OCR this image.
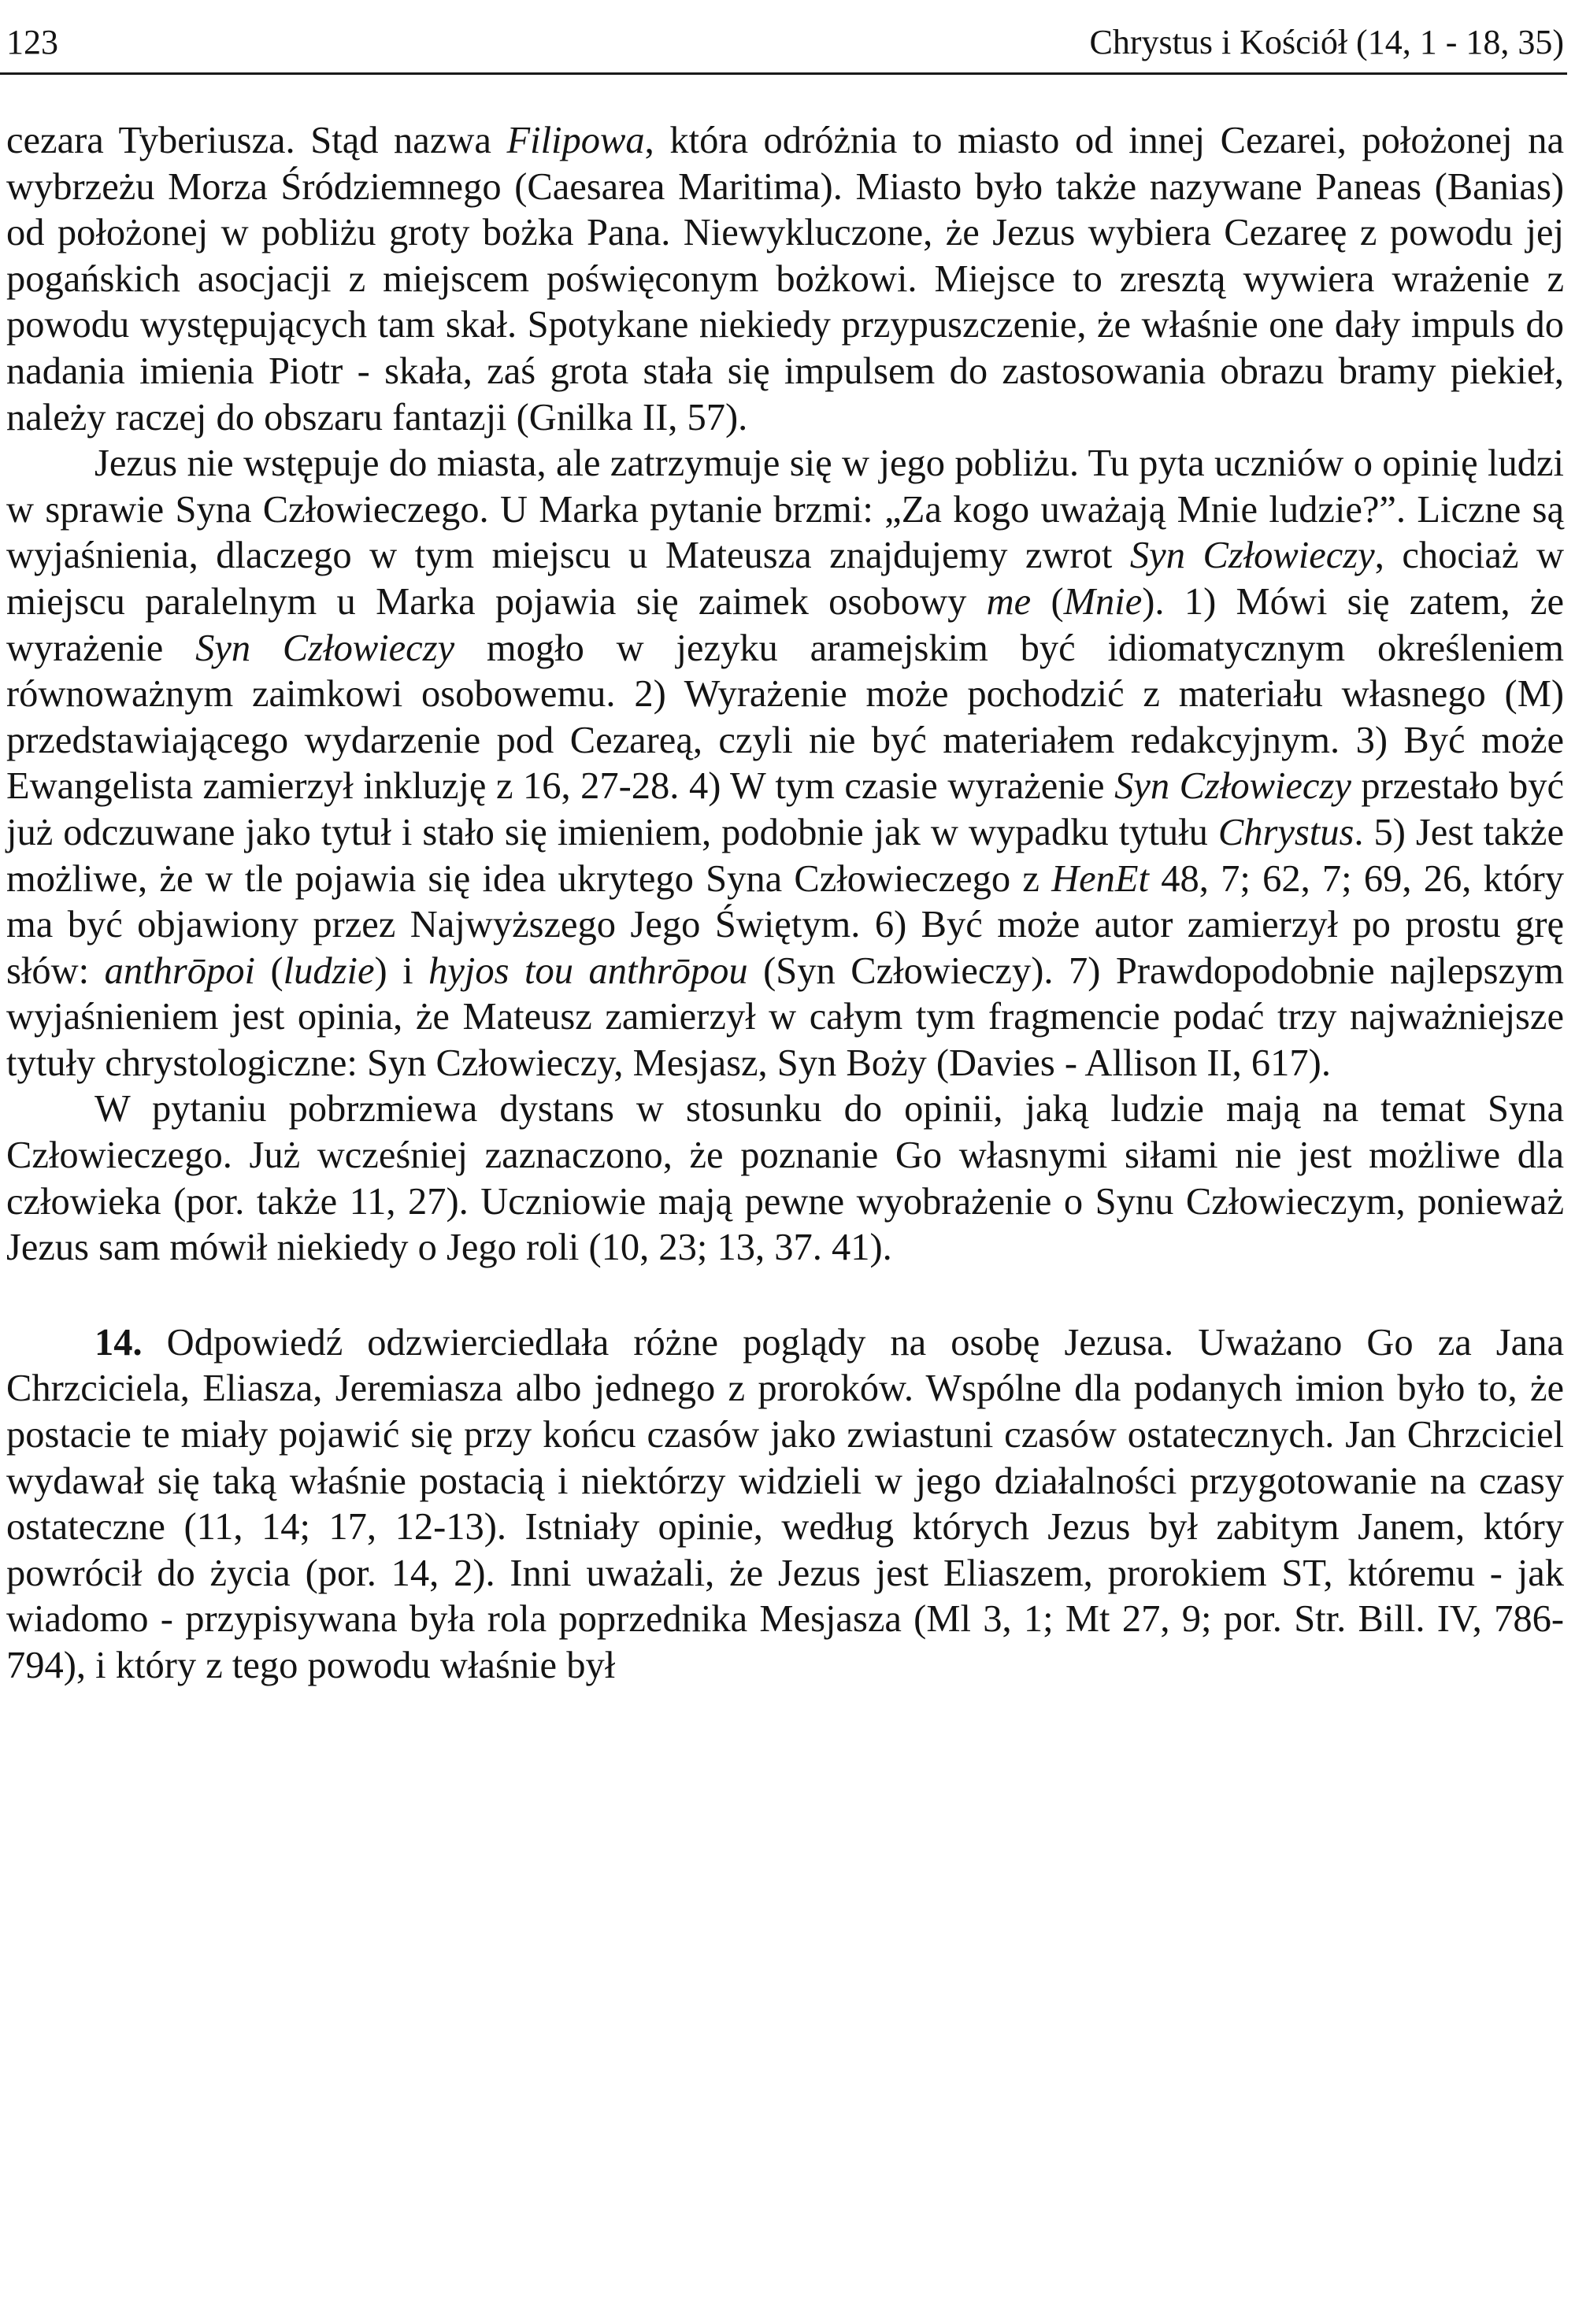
123	Chrystus i Kościół (14, 1 - 18, 35)

cezara Tyberiusza. Stąd nazwa Filipowa, która odróżnia to miasto od innej Cezarei, położonej na wybrzeżu Morza Śródziemnego (Caesarea Maritima). Miasto było także nazywane Paneas (Banias) od położonej w pobliżu groty bożka Pana. Niewykluczone, że Jezus wybiera Cezareę z powodu jej pogańskich asocjacji z miejscem poświęconym bożkowi. Miejsce to zresztą wywiera wrażenie z powodu występujących tam skał. Spotykane niekiedy przypuszczenie, że właśnie one dały impuls do nadania imienia Piotr - skała, zaś grota stała się impulsem do zastosowania obrazu bramy piekieł, należy raczej do obszaru fantazji (Gnilka II, 57).

Jezus nie wstępuje do miasta, ale zatrzymuje się w jego pobliżu. Tu pyta uczniów o opinię ludzi w sprawie Syna Człowieczego. U Marka pytanie brzmi: „Za kogo uważają Mnie ludzie?”. Liczne są wyjaśnienia, dlaczego w tym miejscu u Mateusza znajdujemy zwrot Syn Człowieczy, chociaż w miejscu paralelnym u Marka pojawia się zaimek osobowy me (Mnie). 1) Mówi się zatem, że wyrażenie Syn Człowieczy mogło w jezyku aramejskim być idiomatycznym określeniem równoważnym zaimkowi osobowemu. 2) Wyrażenie może pochodzić z materiału własnego (M) przedstawiającego wydarzenie pod Cezareą, czyli nie być materiałem redakcyjnym. 3) Być może Ewangelista zamierzył inkluzję z 16, 27-28. 4) W tym czasie wyrażenie Syn Człowieczy przestało być już odczuwane jako tytuł i stało się imieniem, podobnie jak w wypadku tytułu Chrystus. 5) Jest także możliwe, że w tle pojawia się idea ukrytego Syna Człowieczego z HenEt 48, 7; 62, 7; 69, 26, który ma być objawiony przez Najwyższego Jego Świętym. 6) Być może autor zamierzył po prostu grę słów: anthrōpoi (ludzie) i hyjos tou anthrōpou (Syn Człowieczy). 7) Prawdopodobnie najlepszym wyjaśnieniem jest opinia, że Mateusz zamierzył w całym tym fragmencie podać trzy najważniejsze tytuły chrystologiczne: Syn Człowieczy, Mesjasz, Syn Boży (Davies - Allison II, 617).

W pytaniu pobrzmiewa dystans w stosunku do opinii, jaką ludzie mają na temat Syna Człowieczego. Już wcześniej zaznaczono, że poznanie Go własnymi siłami nie jest możliwe dla człowieka (por. także 11, 27). Uczniowie mają pewne wyobrażenie o Synu Człowieczym, ponieważ Jezus sam mówił niekiedy o Jego roli (10, 23; 13, 37. 41).

14. Odpowiedź odzwierciedlała różne poglądy na osobę Jezusa. Uważano Go za Jana Chrzciciela, Eliasza, Jeremiasza albo jednego z proroków. Wspólne dla podanych imion było to, że postacie te miały pojawić się przy końcu czasów jako zwiastuni czasów ostatecznych. Jan Chrzciciel wydawał się taką właśnie postacią i niektórzy widzieli w jego działalności przygotowanie na czasy ostateczne (11, 14; 17, 12-13). Istniały opinie, według których Jezus był zabitym Janem, który powrócił do życia (por. 14, 2). Inni uważali, że Jezus jest Eliaszem, prorokiem ST, któremu - jak wiadomo - przypisywana była rola poprzednika Mesjasza (Ml 3, 1; Mt 27, 9; por. Str. Bill. IV, 786-794), i który z tego powodu właśnie był
